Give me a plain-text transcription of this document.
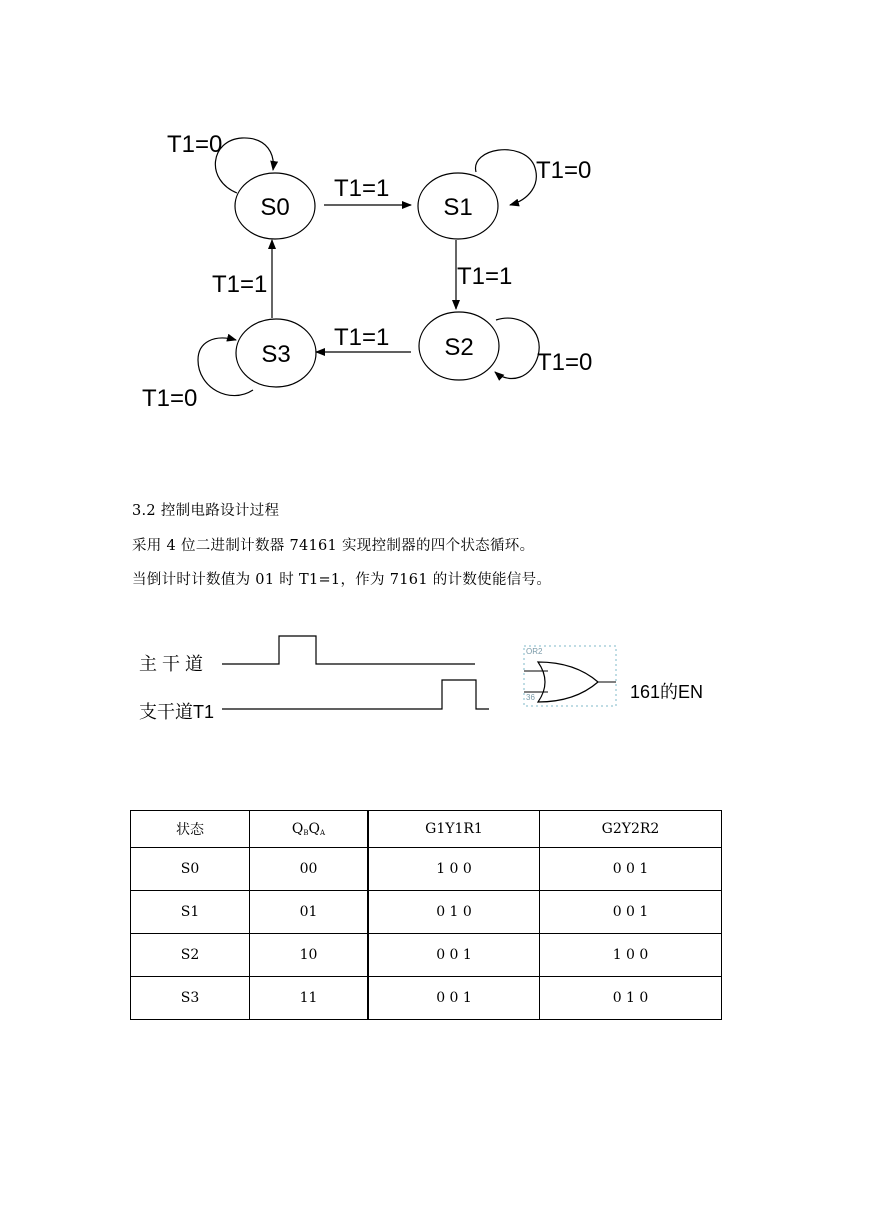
S0	S1
S2
S3
T1=0
T1=1
T1=0
T1=1
T1=0
T1=1
T1=0
T1=1
3.2 控制电路设计过程
采用 4 位二进制计数器 74161 实现控制器的四个状态循环。
当倒计时计数值为 01 时 T1=1，作为 7161 的计数使能信号。
主 干 道
支干道T1
OR2
36	161的EN
状态	$Q_BQ_A$	G1Y1R1	G2Y2R2
S0	00	1 0 0	0 0 1
S1	01	0 1 0	0 0 1
S2	10	0 0 1	1 0 0
S3	11	0 0 1	0 1 0
